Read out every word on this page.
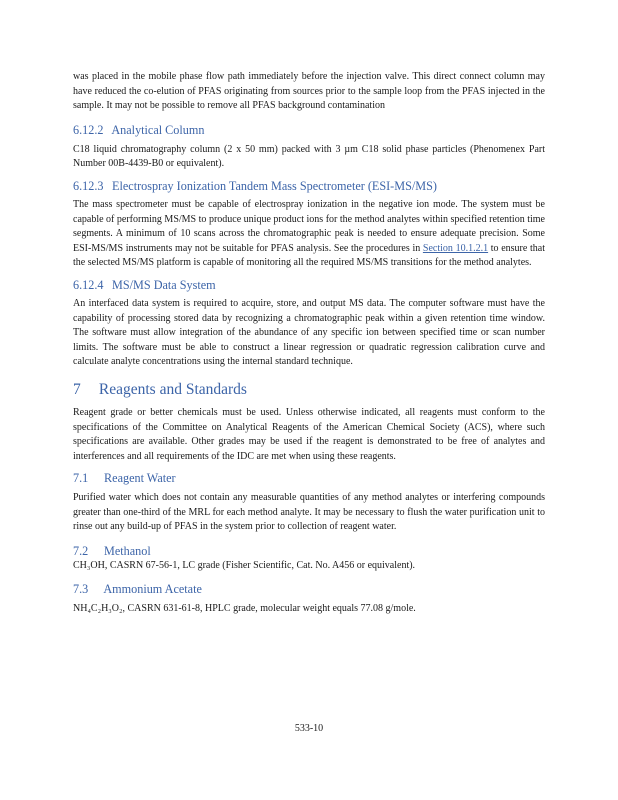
was placed in the mobile phase flow path immediately before the injection valve. This direct connect column may have reduced the co-elution of PFAS originating from sources prior to the sample loop from the PFAS injected in the sample. It may not be possible to remove all PFAS background contamination

6.12.2 Analytical Column

C18 liquid chromatography column (2 x 50 mm) packed with 3 µm C18 solid phase particles (Phenomenex Part Number 00B-4439-B0 or equivalent).

6.12.3 Electrospray Ionization Tandem Mass Spectrometer (ESI-MS/MS)

The mass spectrometer must be capable of electrospray ionization in the negative ion mode. The system must be capable of performing MS/MS to produce unique product ions for the method analytes within specified retention time segments. A minimum of 10 scans across the chromatographic peak is needed to ensure adequate precision. Some ESI-MS/MS instruments may not be suitable for PFAS analysis. See the procedures in Section 10.1.2.1 to ensure that the selected MS/MS platform is capable of monitoring all the required MS/MS transitions for the method analytes.

6.12.4 MS/MS Data System

An interfaced data system is required to acquire, store, and output MS data. The computer software must have the capability of processing stored data by recognizing a chromatographic peak within a given retention time window. The software must allow integration of the abundance of any specific ion between specified time or scan number limits. The software must be able to construct a linear regression or quadratic regression calibration curve and calculate analyte concentrations using the internal standard technique.

7 Reagents and Standards

Reagent grade or better chemicals must be used. Unless otherwise indicated, all reagents must conform to the specifications of the Committee on Analytical Reagents of the American Chemical Society (ACS), where such specifications are available. Other grades may be used if the reagent is demonstrated to be free of analytes and interferences and all requirements of the IDC are met when using these reagents.

7.1 Reagent Water

Purified water which does not contain any measurable quantities of any method analytes or interfering compounds greater than one-third of the MRL for each method analyte. It may be necessary to flush the water purification unit to rinse out any build-up of PFAS in the system prior to collection of reagent water.

7.2 Methanol

CH₃OH, CASRN 67-56-1, LC grade (Fisher Scientific, Cat. No. A456 or equivalent).

7.3 Ammonium Acetate

NH₄C₂H₃O₂, CASRN 631-61-8, HPLC grade, molecular weight equals 77.08 g/mole.

533-10
